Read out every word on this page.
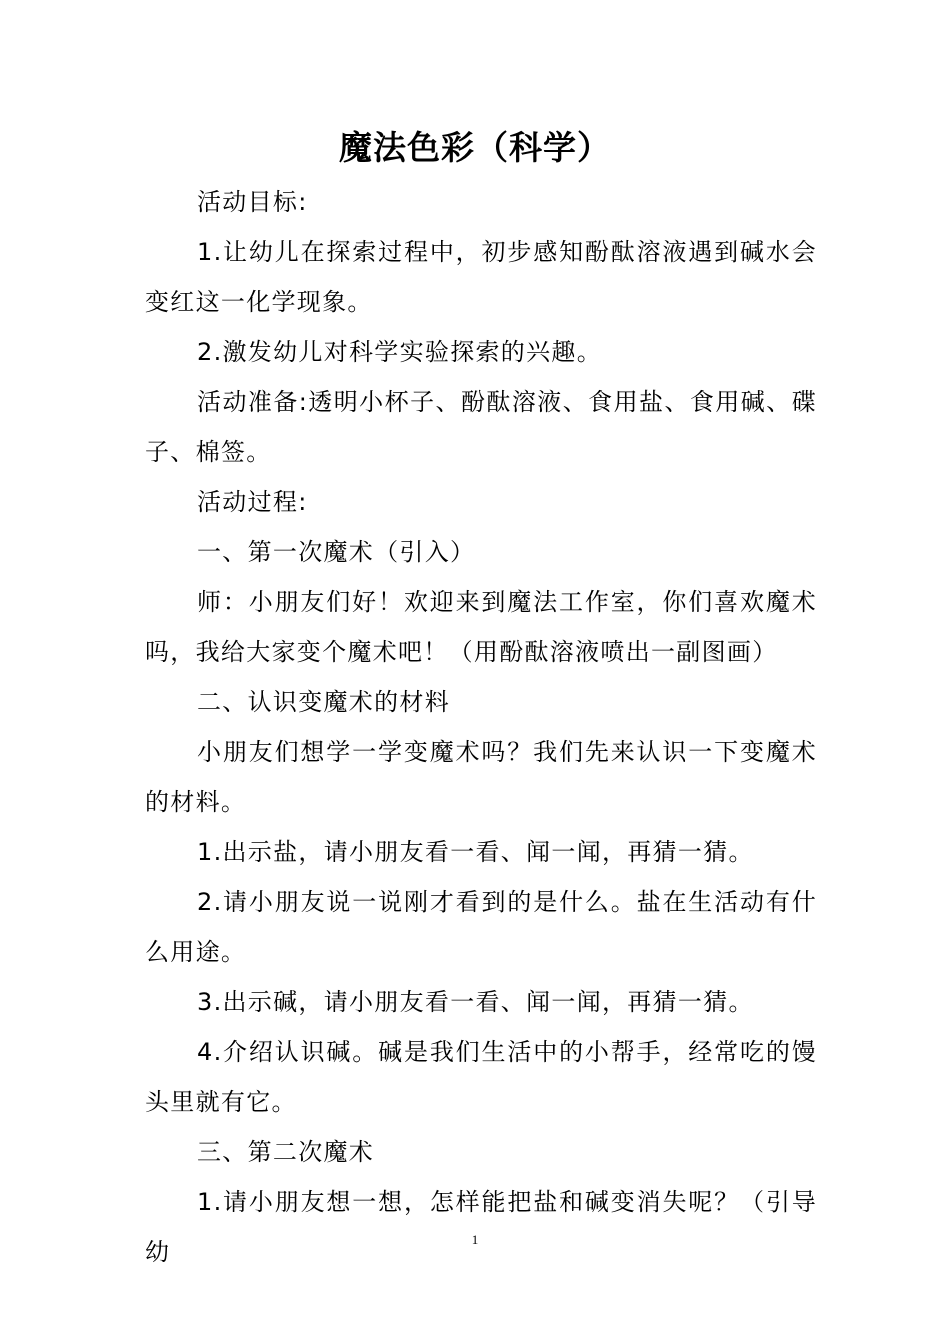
魔法色彩（科学）

活动目标:

1.让幼儿在探索过程中，初步感知酚酞溶液遇到碱水会变红这一化学现象。

2.激发幼儿对科学实验探索的兴趣。

活动准备:透明小杯子、酚酞溶液、食用盐、食用碱、碟子、棉签。

活动过程:

一、第一次魔术（引入）

师：小朋友们好！欢迎来到魔法工作室，你们喜欢魔术吗，我给大家变个魔术吧！（用酚酞溶液喷出一副图画）

二、认识变魔术的材料

小朋友们想学一学变魔术吗？我们先来认识一下变魔术的材料。

1.出示盐，请小朋友看一看、闻一闻，再猜一猜。

2.请小朋友说一说刚才看到的是什么。盐在生活动有什么用途。

3.出示碱，请小朋友看一看、闻一闻，再猜一猜。

4.介绍认识碱。碱是我们生活中的小帮手，经常吃的馒头里就有它。

三、第二次魔术

1.请小朋友想一想，怎样能把盐和碱变消失呢？（引导幼	1
